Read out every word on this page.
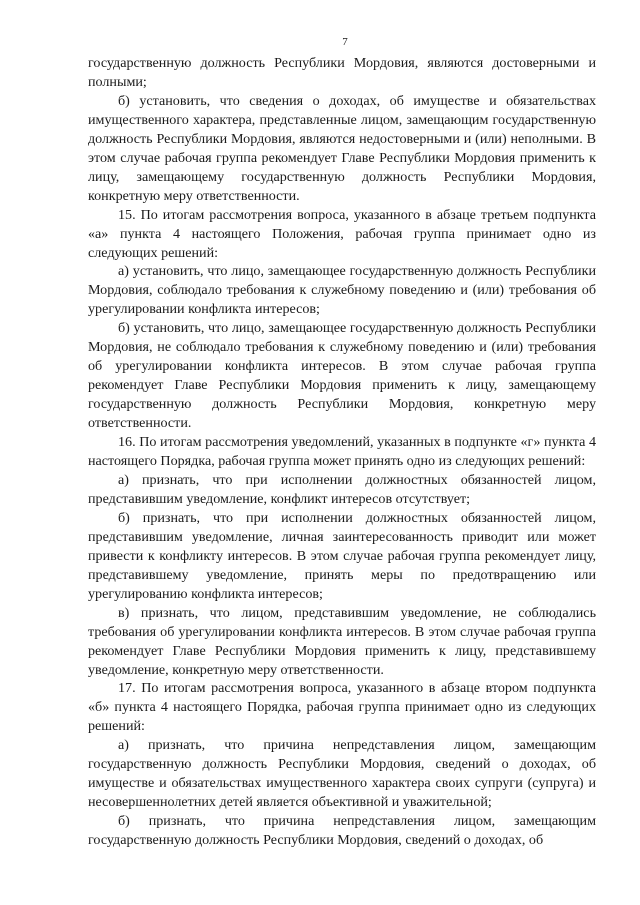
7

государственную должность Республики Мордовия, являются достоверными и полными;

б) установить, что сведения о доходах, об имуществе и обязательствах имущественного характера, представленные лицом, замещающим государственную должность Республики Мордовия, являются недостоверными и (или) неполными. В этом случае рабочая группа рекомендует Главе Республики Мордовия применить к лицу, замещающему государственную должность Республики Мордовия, конкретную меру ответственности.

15. По итогам рассмотрения вопроса, указанного в абзаце третьем подпункта «а» пункта 4 настоящего Положения, рабочая группа принимает одно из следующих решений:

а) установить, что лицо, замещающее государственную должность Республики Мордовия, соблюдало требования к служебному поведению и (или) требования об урегулировании конфликта интересов;

б) установить, что лицо, замещающее государственную должность Республики Мордовия, не соблюдало требования к служебному поведению и (или) требования об урегулировании конфликта интересов. В этом случае рабочая группа рекомендует Главе Республики Мордовия применить к лицу, замещающему государственную должность Республики Мордовия, конкретную меру ответственности.

16. По итогам рассмотрения уведомлений, указанных в подпункте «г» пункта 4 настоящего Порядка, рабочая группа может принять одно из следующих решений:

а) признать, что при исполнении должностных обязанностей лицом, представившим уведомление, конфликт интересов отсутствует;

б) признать, что при исполнении должностных обязанностей лицом, представившим уведомление, личная заинтересованность приводит или может привести к конфликту интересов. В этом случае рабочая группа рекомендует лицу, представившему уведомление, принять меры по предотвращению или урегулированию конфликта интересов;

в) признать, что лицом, представившим уведомление, не соблюдались требования об урегулировании конфликта интересов. В этом случае рабочая группа рекомендует Главе Республики Мордовия применить к лицу, представившему уведомление, конкретную меру ответственности.

17. По итогам рассмотрения вопроса, указанного в абзаце втором подпункта «б» пункта 4 настоящего Порядка, рабочая группа принимает одно из следующих решений:

а) признать, что причина непредставления лицом, замещающим государственную должность Республики Мордовия, сведений о доходах, об имуществе и обязательствах имущественного характера своих супруги (супруга) и несовершеннолетних детей является объективной и уважительной;

б) признать, что причина непредставления лицом, замещающим государственную должность Республики Мордовия, сведений о доходах, об
